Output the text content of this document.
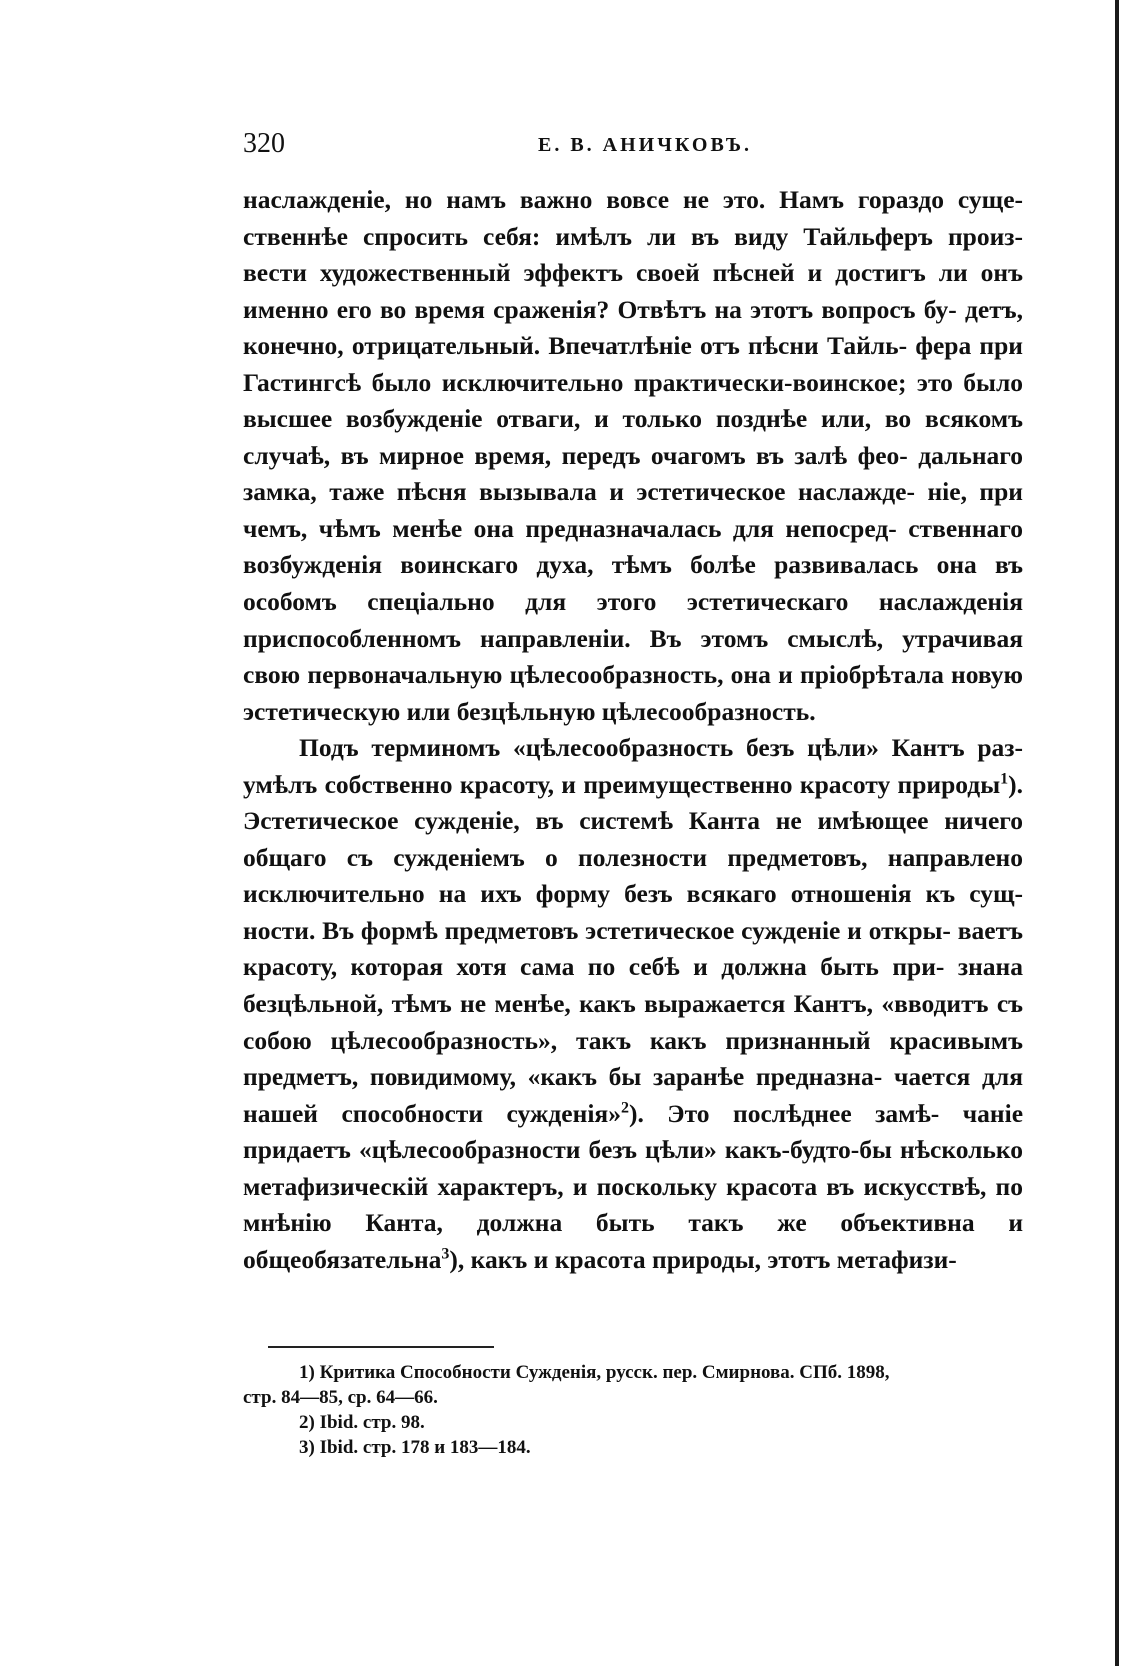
320	Е. В. АНИЧКОВЪ.

наслажденіе, но намъ важно вовсе не это. Намъ гораздо суще- ственнѣе спросить себя: имѣлъ ли въ виду Тайльферъ произ- вести художественный эффектъ своей пѣсней и достигъ ли онъ именно его во время сраженія? Отвѣтъ на этотъ вопросъ бу- детъ, конечно, отрицательный. Впечатлѣніе отъ пѣсни Тайль- фера при Гастингсѣ было исключительно практически-воинское; это было высшее возбужденіе отваги, и только позднѣе или, во всякомъ случаѣ, въ мирное время, передъ очагомъ въ залѣ фео- дальнаго замка, таже пѣсня вызывала и эстетическое наслажде- ніе, при чемъ, чѣмъ менѣе она предназначалась для непосред- ственнаго возбужденія воинскаго духа, тѣмъ болѣе развивалась она въ особомъ спеціально для этого эстетическаго наслажденія приспособленномъ направленіи. Въ этомъ смыслѣ, утрачивая свою первоначальную цѣлесообразность, она и пріобрѣтала новую эстетическую или безцѣльную цѣлесообразность.

Подъ терминомъ «цѣлесообразность безъ цѣли» Кантъ раз- умѣлъ собственно красоту, и преимущественно красоту природы$^1$). Эстетическое сужденіе, въ системѣ Канта не имѣющее ничего общаго съ сужденіемъ о полезности предметовъ, направлено исключительно на ихъ форму безъ всякаго отношенія къ сущ- ности. Въ формѣ предметовъ эстетическое сужденіе и откры- ваетъ красоту, которая хотя сама по себѣ и должна быть при- знана безцѣльной, тѣмъ не менѣе, какъ выражается Кантъ, «вводитъ съ собою цѣлесообразность», такъ какъ признанный красивымъ предметъ, повидимому, «какъ бы заранѣе предназна- чается для нашей способности сужденія»$^2$). Это послѣднее замѣ- чаніе придаетъ «цѣлесообразности безъ цѣли» какъ-будто-бы нѣсколько метафизическій характеръ, и поскольку красота въ искусствѣ, по мнѣнію Канта, должна быть такъ же объективна и общеобязательна$^3$), какъ и красота природы, этотъ метафизи-

1) Критика Способности Сужденія, русск. пер. Смирнова. СПб. 1898,

стр. 84—85, ср. 64—66.

2) Ibid. стр. 98.

3) Ibid. стр. 178 и 183—184.
